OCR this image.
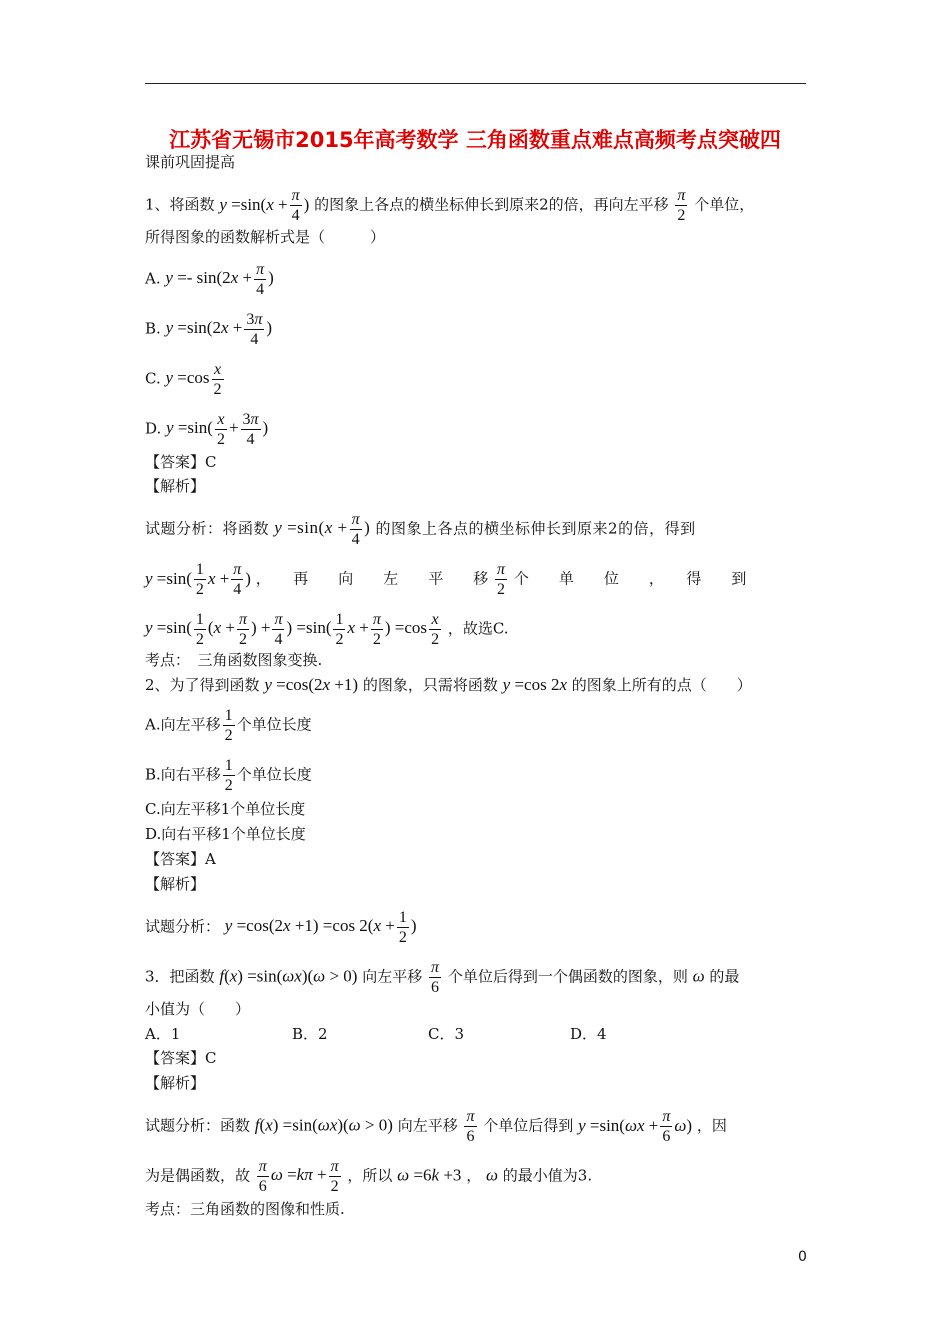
江苏省无锡市2015年高考数学 三角函数重点难点高频考点突破四
课前巩固提高
1、将函数 $y =\sin(x + \frac{\pi}{4}$ ) 的图象上各点的横坐标伸长到原来2的倍，再向左平移 $\frac{\pi}{2}$ 个单位，
所得图象的函数解析式是（　　　）
A. $y =- \sin(2x + \frac{\pi}{4}$ )
B. $y =\sin(2x + \frac{3\pi}{4}$ )
C. $y =\cos \frac{x}{2}$
D. $y =\sin( \frac{x}{2} + \frac{3\pi}{4}$ )
【答案】C
【解析】
试题分析：将函数 $y =\sin(x + \frac{\pi}{4}$ ) 的图象上各点的横坐标伸长到原来2的倍，得到
$y =\sin( \frac{1}{2}$ $x + \frac{\pi}{4}$ ) ，　　再　　向　　左　　平　　移 $\frac{\pi}{2}$ 个　　单　　位　　，　　得　　到
$y =\sin( \frac{1}{2} (x + \frac{\pi}{2}$ ) + $\frac{\pi}{4}$ ) $=\sin( \frac{1}{2}$ $x + \frac{\pi}{2}$ ) $=\cos \frac{x}{2}$ ，故选C.
考点：　三角函数图象变换.
2、为了得到函数 y =cos(2x +1) 的图象，只需将函数 y =cos 2x 的图象上所有的点（　　）
A.向左平移 $\frac{1}{2}$ 个单位长度
B.向右平移 $\frac{1}{2}$ 个单位长度
C.向左平移1个单位长度
D.向右平移1个单位长度
【答案】A
【解析】
试题分析： y =cos(2x +1) =cos $2(x + \frac{1}{2}$ )
3．把函数 f(x) =sin(ωx)(ω > 0) 向左平移 $\frac{\pi}{6}$ 个单位后得到一个偶函数的图象，则 ω 的最
小值为（　　）
A．1	B．2	C．3	D．4
【答案】C
【解析】
试题分析：函数 f(x) =sin(ωx)(ω > 0) 向左平移 $\frac{\pi}{6}$ 个单位后得到 $y =\sin(\omega x + \frac{\pi}{6} \omega)$ ，因
为是偶函数，故 $\frac{\pi}{6}$ $\omega =k\pi + \frac{\pi}{2}$ ，所以 ω =6k +3 ， ω 的最小值为3.
考点：三角函数的图像和性质.
0
